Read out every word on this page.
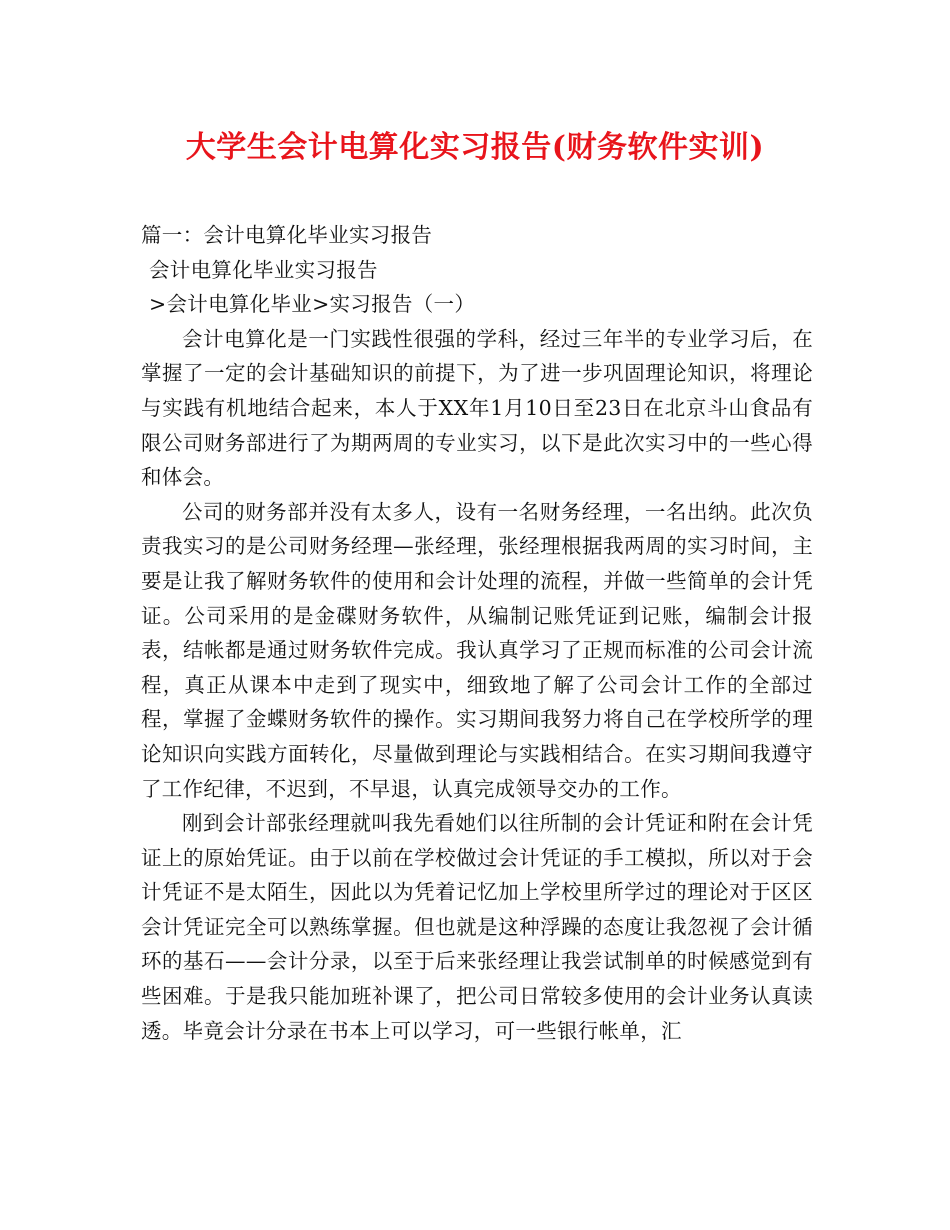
大学生会计电算化实习报告(财务软件实训)

篇一：会计电算化毕业实习报告

会计电算化毕业实习报告

>会计电算化毕业>实习报告（一）

会计电算化是一门实践性很强的学科，经过三年半的专业学习后，在掌握了一定的会计基础知识的前提下，为了进一步巩固理论知识，将理论与实践有机地结合起来，本人于XX年1月10日至23日在北京斗山食品有限公司财务部进行了为期两周的专业实习，以下是此次实习中的一些心得和体会。

公司的财务部并没有太多人，设有一名财务经理，一名出纳。此次负责我实习的是公司财务经理—张经理，张经理根据我两周的实习时间，主要是让我了解财务软件的使用和会计处理的流程，并做一些简单的会计凭证。公司采用的是金碟财务软件，从编制记账凭证到记账，编制会计报表，结帐都是通过财务软件完成。我认真学习了正规而标准的公司会计流程，真正从课本中走到了现实中，细致地了解了公司会计工作的全部过程，掌握了金蝶财务软件的操作。实习期间我努力将自己在学校所学的理论知识向实践方面转化，尽量做到理论与实践相结合。在实习期间我遵守了工作纪律，不迟到，不早退，认真完成领导交办的工作。

刚到会计部张经理就叫我先看她们以往所制的会计凭证和附在会计凭证上的原始凭证。由于以前在学校做过会计凭证的手工模拟，所以对于会计凭证不是太陌生，因此以为凭着记忆加上学校里所学过的理论对于区区会计凭证完全可以熟练掌握。但也就是这种浮躁的态度让我忽视了会计循环的基石——会计分录，以至于后来张经理让我尝试制单的时候感觉到有些困难。于是我只能加班补课了，把公司日常较多使用的会计业务认真读透。毕竟会计分录在书本上可以学习，可一些银行帐单，汇
